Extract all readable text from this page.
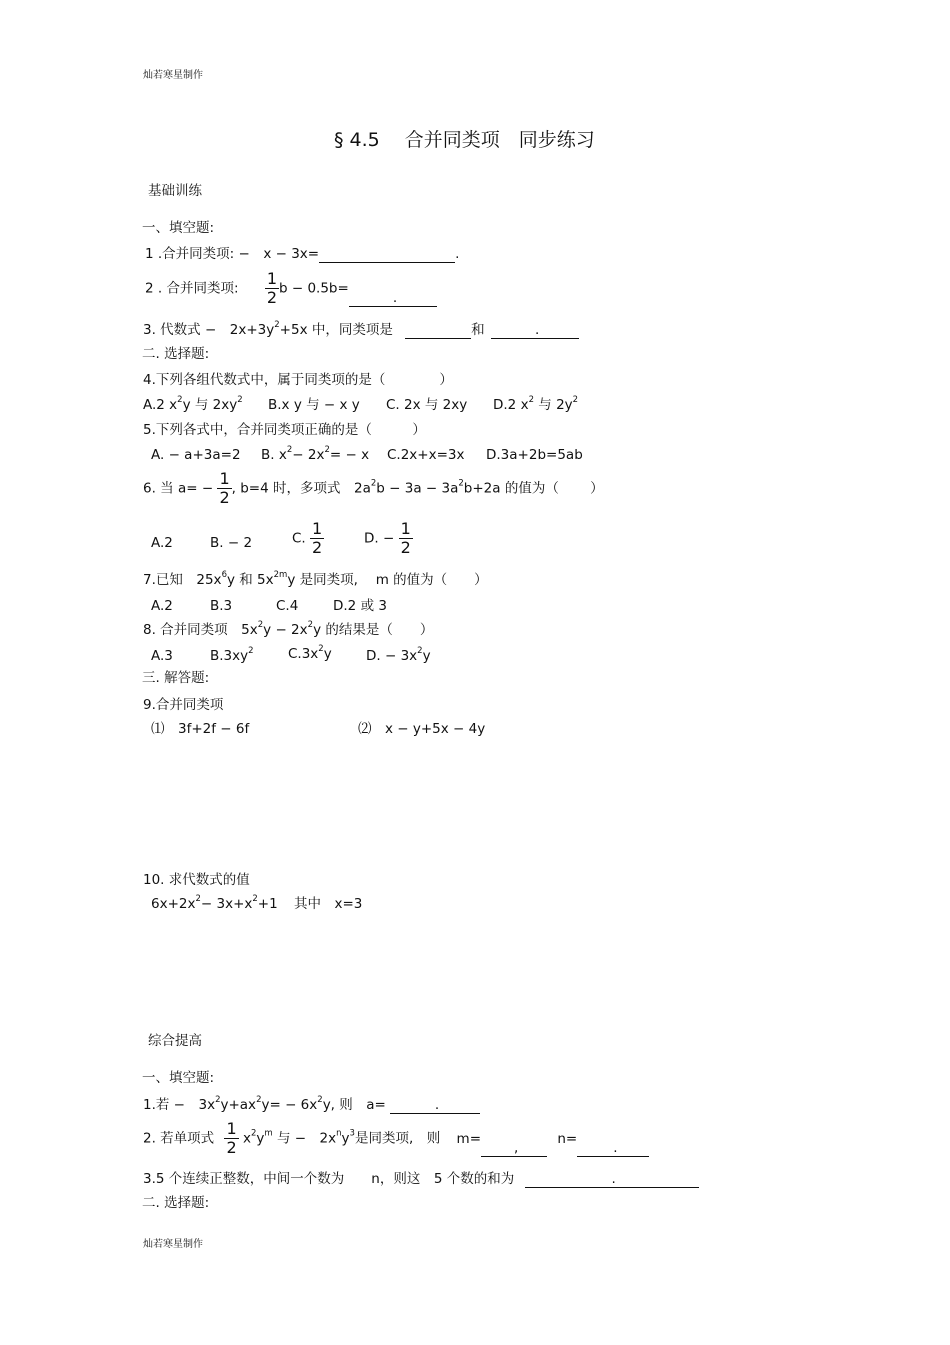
灿若寒星制作
§ 4.5　 合并同类项　同步练习
基础训练
一、填空题:
1 .合并同类项: −　x − 3x=	.
2 . 合并同类项: $\frac{1}{2}$ b − 0.5b=
.
3. 代数式 −　$2x+3y^2+5x$ 中，同类项是	和	.
二. 选择题:
4.下列各组代数式中，属于同类项的是（　　　　）
A.2 $x^2y$ 与 $2xy^2$ B.x y 与 − x y C. 2x 与 2xy D.2 $x^2$ 与 $2y^2$
5.下列各式中，合并同类项正确的是（　　　）
A. − a+3a=2 B. $x^2- 2x^2= - x$ C.2x+x=3x D.3a+2b=5ab
6. 当 $a= - \frac{1}{2}$ , b=4 时，多项式　$2a^2b - 3a - 3a^2b+2a$ 的值为（　　 ）
A.2	B. − 2	C. $\frac{1}{2}$	D. − $\frac{1}{2}$
7.已知　$25x^6y$ 和 $5x^{2m}y$ 是同类项,　 m 的值为（　　）
A.2	B.3	C.4	D.2 或 3
8. 合并同类项　$5x^2y - 2x^2y$ 的结果是（　　）
A.3	$B.3xy^2$	$C.3x^2y$	D. − $3x^2y$
三. 解答题:
9.合并同类项
⑴　3f+2f − 6f	⑵　x − y+5x − 4y
10. 求代数式的值
$6x+2x^2- 3x+x^2+1$ 其中　x=3
综合提高
一、填空题:
1.若 −　$3x^2y+ax^2y= - 6x^2y$, 则　a=	.
2. 若单项式 $\frac{1}{2} x^2y^m$ 与 −　$2x^ny^3$是同类项,　则 m=
,
n=
.
3.5 个连续正整数，中间一个数为　　n，则这　5 个数的和为	.
二. 选择题:
灿若寒星制作
